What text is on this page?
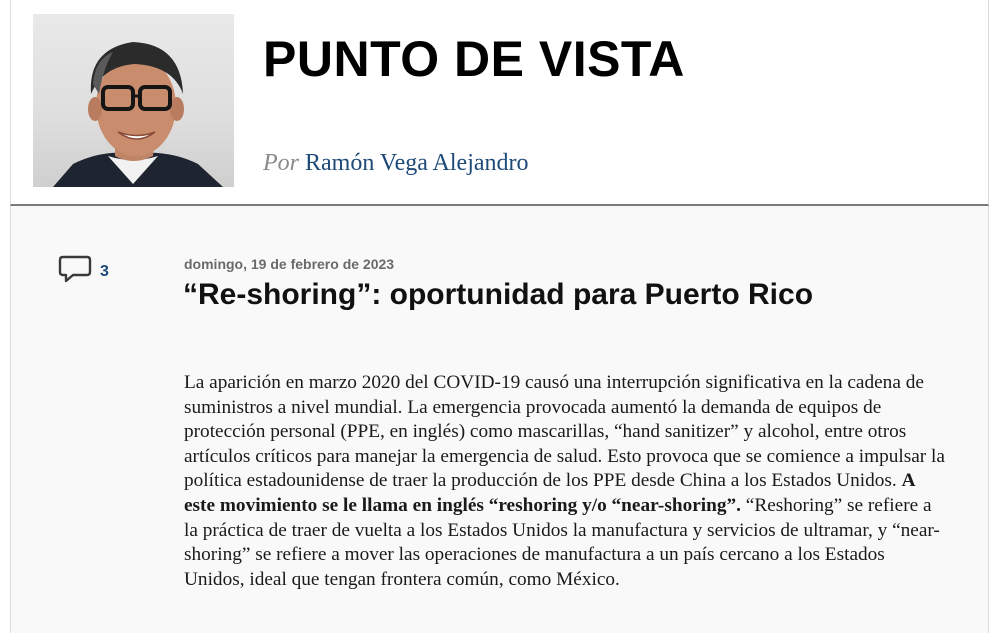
PUNTO DE VISTA
Por Ramón Vega Alejandro
3	domingo, 19 de febrero de 2023
“Re-shoring”: oportunidad para Puerto Rico

La aparición en marzo 2020 del COVID-19 causó una interrupción significativa en la cadena de suministros a nivel mundial. La emergencia provocada aumentó la demanda de equipos de protección personal (PPE, en inglés) como mascarillas, “hand sanitizer” y alcohol, entre otros artículos críticos para manejar la emergencia de salud. Esto provoca que se comience a impulsar la política estadounidense de traer la producción de los PPE desde China a los Estados Unidos. A este movimiento se le llama en inglés “reshoring y/o “near-shoring”. “Reshoring” se refiere a la práctica de traer de vuelta a los Estados Unidos la manufactura y servicios de ultramar, y “near-shoring” se refiere a mover las operaciones de manufactura a un país cercano a los Estados Unidos, ideal que tengan frontera común, como México.
